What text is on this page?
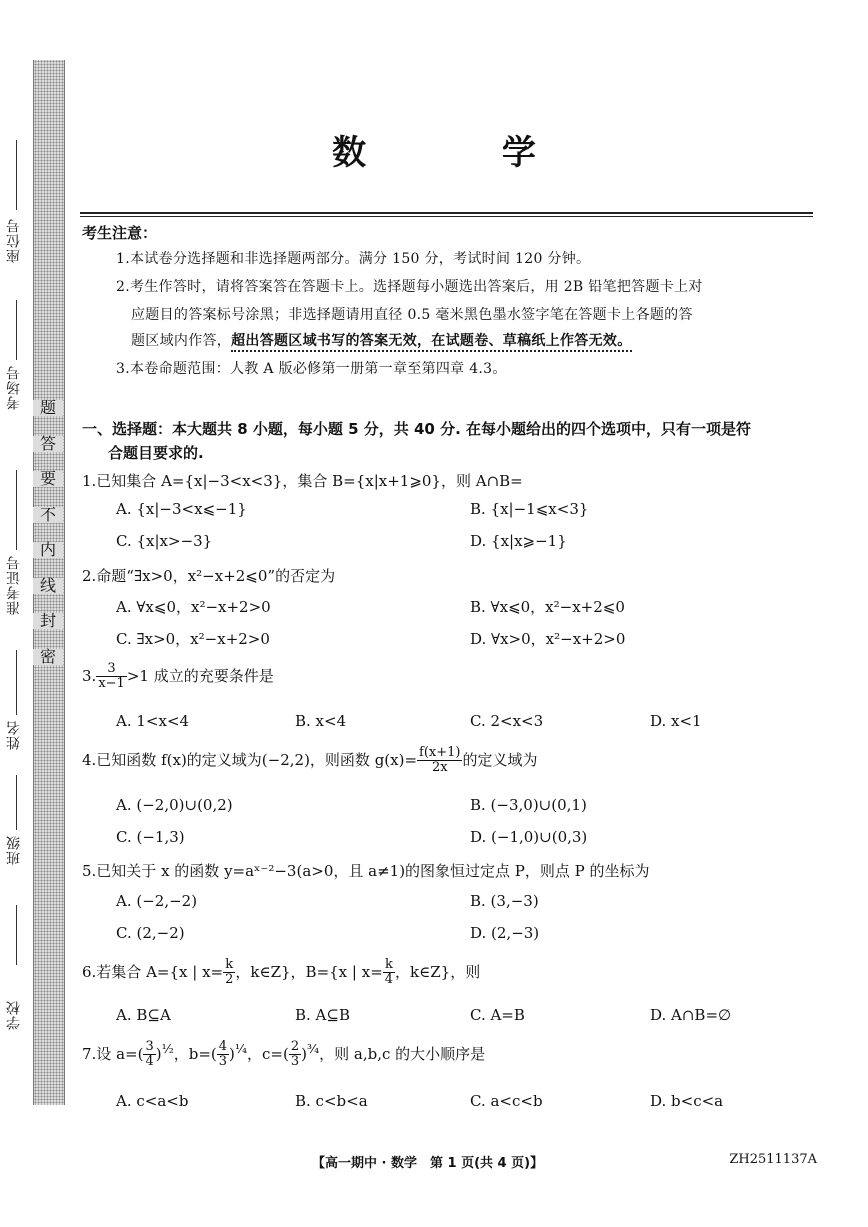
题
答
要
不
内
线
封
密
座位号
考场号
准考证号
姓名
班级
学校
数 学
考生注意：
1.本试卷分选择题和非选择题两部分。满分 150 分，考试时间 120 分钟。
2.考生作答时，请将答案答在答题卡上。选择题每小题选出答案后，用 2B 铅笔把答题卡上对
应题目的答案标号涂黑；非选择题请用直径 0.5 毫米黑色墨水签字笔在答题卡上各题的答
题区域内作答，超出答题区域书写的答案无效，在试题卷、草稿纸上作答无效。
3.本卷命题范围：人教 A 版必修第一册第一章至第四章 4.3。
一、选择题：本大题共 8 小题，每小题 5 分，共 40 分. 在每小题给出的四个选项中，只有一项是符
合题目要求的.
1.已知集合 A={x|−3<x<3}，集合 B={x|x+1⩾0}，则 A∩B=
A. {x|−3<x⩽−1}	B. {x|−1⩽x<3}
C. {x|x>−3}	D. {x|x⩾−1}
2.命题“∃x>0，x²−x+2⩽0”的否定为
A. ∀x⩽0，x²−x+2>0	B. ∀x⩽0，x²−x+2⩽0
C. ∃x>0，x²−x+2>0	D. ∀x>0，x²−x+2>0
3. $\frac{3}{x-1} >1$ 成立的充要条件是
A. 1<x<4	B. x<4	C. 2<x<3	D. x<1
4.已知函数 f(x)的定义域为(−2,2)，则函数 $g(x)= \frac{f(x+1)}{2x}$ 的定义域为
A. (−2,0)∪(0,2)	B. (−3,0)∪(0,1)
C. (−1,3)	D. (−1,0)∪(0,3)
5.已知关于 x 的函数 y=aˣ⁻²−3(a>0，且 a≠1)的图象恒过定点 P，则点 P 的坐标为
A. (−2,−2)	B. (3,−3)
C. (2,−2)	D. (2,−3)
6.若集合 A={x | $x= \frac{k}{2}$ ，k∈Z}，B={x | $x= \frac{k}{4}$ ，k∈Z}，则
A. B⊆A	B. A⊆B	C. A=B	D. A∩B=∅
7.设 $a=( \frac{3}{4} )^{\frac{1}{2}}$，$b=( \frac{4}{3} )^{\frac{1}{4}}$，$c=( \frac{2}{3} )^{\frac{3}{4}}$，则 a,b,c 的大小顺序是
A. c<a<b	B. c<b<a	C. a<c<b	D. b<c<a
【高一期中 · 数学　第 1 页(共 4 页)】	ZH2511137A
